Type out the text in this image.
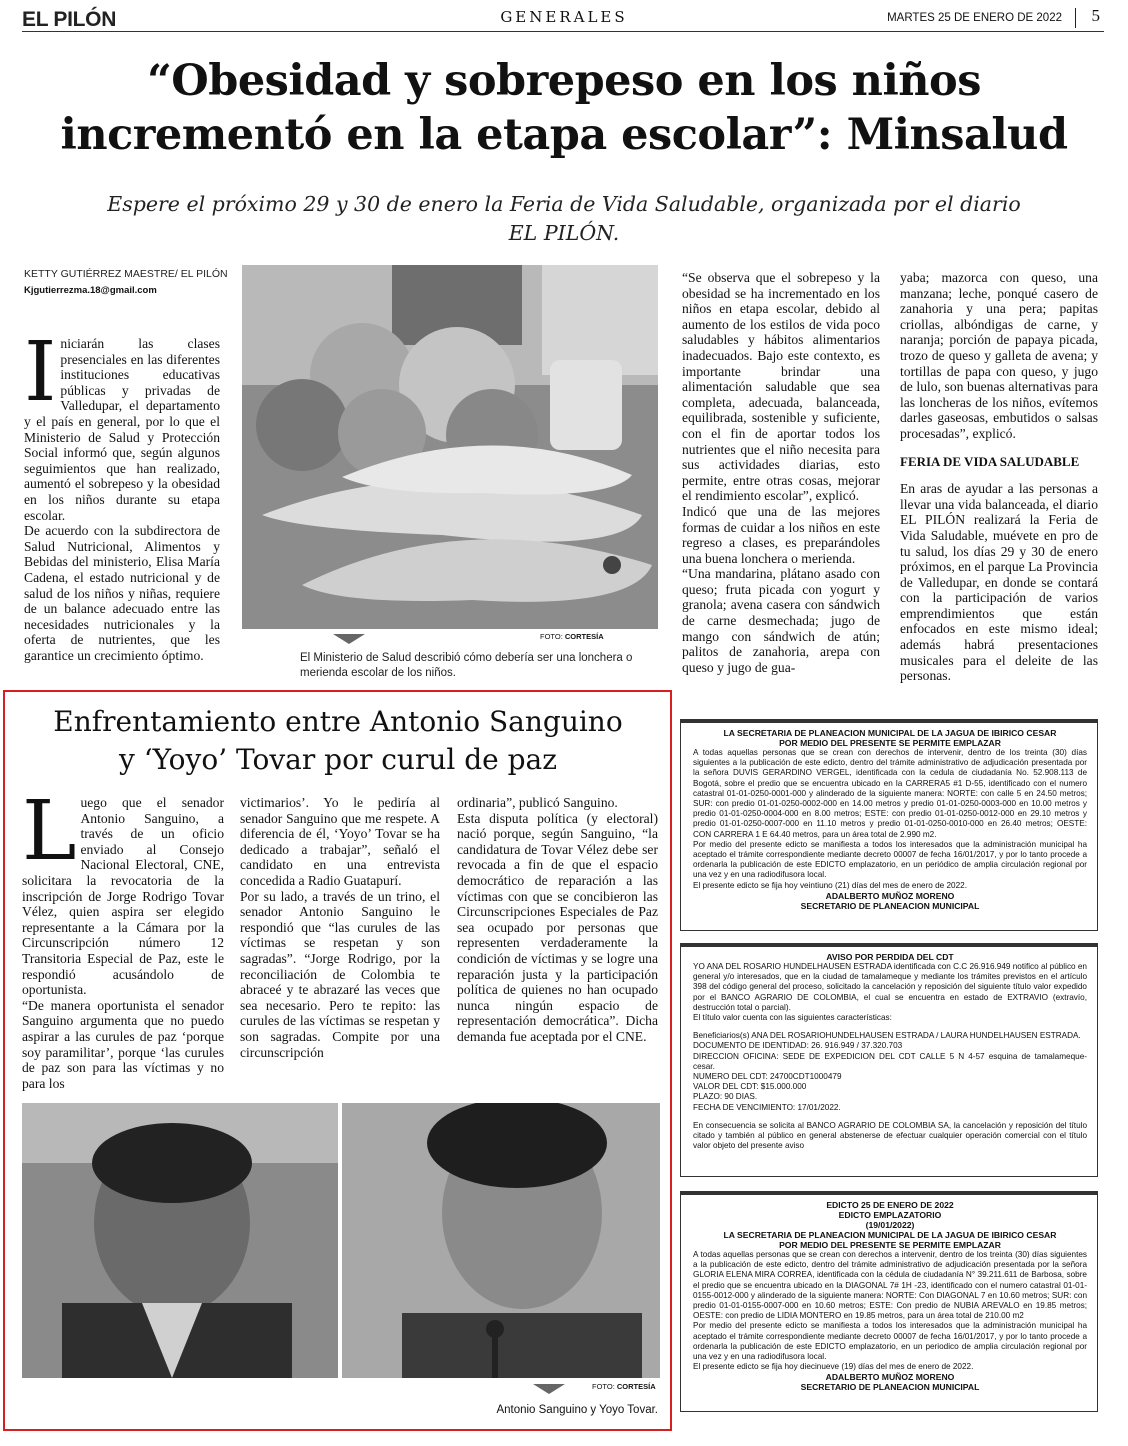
EL PILÓN	GENERALES	MARTES 25 DE ENERO DE 2022 5
“Obesidad y sobrepeso en los niños
incrementó en la etapa escolar”: Minsalud
Espere el próximo 29 y 30 de enero la Feria de Vida Saludable, organizada por el diario
EL PILÓN.
KETTY GUTIÉRREZ MAESTRE/ EL PILÓN
Kjgutierrezma.18@gmail.com

Iniciarán las clases presenciales en las diferentes instituciones educativas públicas y privadas de Valledupar, el departamento y el país en general, por lo que el Ministerio de Salud y Protección Social informó que, según algunos seguimientos que han realizado, aumentó el sobrepeso y la obesidad en los niños durante su etapa escolar.

De acuerdo con la subdirectora de Salud Nutricional, Alimentos y Bebidas del ministerio, Elisa María Cadena, el estado nutricional y de salud de los niños y niñas, requiere de un balance adecuado entre las necesidades nutricionales y la oferta de nutrientes, que les garantice un crecimiento óptimo.

FOTO: CORTESÍA
El Ministerio de Salud describió cómo debería ser una lonchera o merienda escolar de los niños.

“Se observa que el sobrepeso y la obesidad se ha incrementado en los niños en etapa escolar, debido al aumento de los estilos de vida poco saludables y hábitos alimentarios inadecuados. Bajo este contexto, es importante brindar una alimentación saludable que sea completa, adecuada, balanceada, equilibrada, sostenible y suficiente, con el fin de aportar todos los nutrientes que el niño necesita para sus actividades diarias, esto permite, entre otras cosas, mejorar el rendimiento escolar”, explicó.

Indicó que una de las mejores formas de cuidar a los niños en este regreso a clases, es preparándoles una buena lonchera o merienda.

“Una mandarina, plátano asado con queso; fruta picada con yogurt y granola; avena casera con sándwich de carne desmechada; jugo de mango con sándwich de atún; palitos de zanahoria, arepa con queso y jugo de gua-

yaba; mazorca con queso, una manzana; leche, ponqué casero de zanahoria y una pera; papitas criollas, albóndigas de carne, y naranja; porción de papaya picada, trozo de queso y galleta de avena; y tortillas de papa con queso, y jugo de lulo, son buenas alternativas para las loncheras de los niños, evítemos darles gaseosas, embutidos o salsas procesadas”, explicó.

FERIA DE VIDA SALUDABLE

En aras de ayudar a las personas a llevar una vida balanceada, el diario EL PILÓN realizará la Feria de Vida Saludable, muévete en pro de tu salud, los días 29 y 30 de enero próximos, en el parque La Provincia de Valledupar, en donde se contará con la participación de varios emprendimientos que están enfocados en este mismo ideal; además habrá presentaciones musicales para el deleite de las personas.

Enfrentamiento entre Antonio Sanguino
y ‘Yoyo’ Tovar por curul de paz

Luego que el senador Antonio Sanguino, a través de un oficio enviado al Consejo Nacional Electoral, CNE, solicitara la revocatoria de la inscripción de Jorge Rodrigo Tovar Vélez, quien aspira ser elegido representante a la Cámara por la Circunscripción número 12 Transitoria Especial de Paz, este le respondió acusándolo de oportunista.

“De manera oportunista el senador Sanguino argumenta que no puedo aspirar a las curules de paz ‘porque soy paramilitar’, porque ‘las curules de paz son para las víctimas y no para los

victimarios’. Yo le pediría al senador Sanguino que me respete. A diferencia de él, ‘Yoyo’ Tovar se ha dedicado a trabajar”, señaló el candidato en una entrevista concedida a Radio Guatapurí.

Por su lado, a través de un trino, el senador Antonio Sanguino le respondió que “las curules de las víctimas se respetan y son sagradas”. “Jorge Rodrigo, por la reconciliación de Colombia te abraceé y te abrazaré las veces que sea necesario. Pero te repito: las curules de las víctimas se respetan y son sagradas. Compite por una circunscripción

ordinaria”, publicó Sanguino.

Esta disputa política (y electoral) nació porque, según Sanguino, “la candidatura de Tovar Vélez debe ser revocada a fin de que el espacio democrático de reparación a las víctimas con que se concibieron las Circunscripciones Especiales de Paz sea ocupado por personas que representen verdaderamente la condición de víctimas y se logre una reparación justa y la participación política de quienes no han ocupado nunca ningún espacio de representación democrática”. Dicha demanda fue aceptada por el CNE.

FOTO: CORTESÍA
Antonio Sanguino y Yoyo Tovar.
LA SECRETARIA DE PLANEACION MUNICIPAL DE LA JAGUA DE IBIRICO CESAR
POR MEDIO DEL PRESENTE SE PERMITE EMPLAZAR

A todas aquellas personas que se crean con derechos de intervenir, dentro de los treinta (30) días siguientes a la publicación de este edicto, dentro del trámite administrativo de adjudicación presentada por la señora DUVIS GERARDINO VERGEL, identificada con la cedula de ciudadanía No. 52.908.113 de Bogotá, sobre el predio que se encuentra ubicado en la CARRERA5 #1 D-55, identificado con el numero catastral 01-01-0250-0001-000 y alinderado de la siguiente manera: NORTE: con calle 5 en 24.50 metros; SUR: con predio 01-01-0250-0002-000 en 14.00 metros y predio 01-01-0250-0003-000 en 10.00 metros y predio 01-01-0250-0004-000 en 8.00 metros; ESTE: con predio 01-01-0250-0012-000 en 29.10 metros y predio 01-01-0250-0007-000 en 11.10 metros y predio 01-01-0250-0010-000 en 26.40 metros; OESTE: CON CARRERA 1 E 64.40 metros, para un área total de 2.990 m2.

Por medio del presente edicto se manifiesta a todos los interesados que la administración municipal ha aceptado el trámite correspondiente mediante decreto 00007 de fecha 16/01/2017, y por lo tanto procede a ordenarla la publicación de este EDICTO emplazatorio, en un periódico de amplia circulación regional por una vez y en una radiodifusora local.

El presente edicto se fija hoy veintiuno (21) días del mes de enero de 2022.

ADALBERTO MUÑOZ MORENO
SECRETARIO DE PLANEACION MUNICIPAL
AVISO POR PERDIDA DEL CDT

YO ANA DEL ROSARIO HUNDELHAUSEN ESTRADA identificada con C.C 26.916.949 notifico al público en general y/o interesados, que en la ciudad de tamalameque y mediante los trámites previstos en el artículo 398 del código general del proceso, solicitado la cancelación y reposición del siguiente título valor expedido por el BANCO AGRARIO DE COLOMBIA, el cual se encuentra en estado de EXTRAVIO (extravío, destrucción total o parcial).

El título valor cuenta con las siguientes características:

Beneficiarios(s) ANA DEL ROSARIOHUNDELHAUSEN ESTRADA / LAURA HUNDELHAUSEN ESTRADA.

DOCUMENTO DE IDENTIDAD: 26. 916.949 / 37.320.703

DIRECCION OFICINA: SEDE DE EXPEDICION DEL CDT CALLE 5 N 4-57 esquina de tamalameque- cesar.

NUMERO DEL CDT: 24700CDT1000479

VALOR DEL CDT: $15.000.000

PLAZO: 90 DIAS.

FECHA DE VENCIMIENTO: 17/01/2022.

En consecuencia se solicita al BANCO AGRARIO DE COLOMBIA SA, la cancelación y reposición del título citado y también al público en general abstenerse de efectuar cualquier operación comercial con el título valor objeto del presente aviso

EDICTO 25 DE ENERO DE 2022
EDICTO EMPLAZATORIO
(19/01/2022)
LA SECRETARIA DE PLANEACION MUNICIPAL DE LA JAGUA DE IBIRICO CESAR
POR MEDIO DEL PRESENTE SE PERMITE EMPLAZAR

A todas aquellas personas que se crean con derechos a intervenir, dentro de los treinta (30) días siguientes a la publicación de este edicto, dentro del trámite administrativo de adjudicación presentada por la señora GLORIA ELENA MIRA CORREA, identificada con la cédula de ciudadanía N° 39.211.611 de Barbosa, sobre el predio que se encuentra ubicado en la DIAGONAL 7# 1H -23, identificado con el numero catastral 01-01-0155-0012-000 y alinderado de la siguiente manera: NORTE: Con DIAGONAL 7 en 10.60 metros; SUR: con predio 01-01-0155-0007-000 en 10.60 metros; ESTE: Con predio de NUBIA AREVALO en 19.85 metros; OESTE: con predio de LIDIA MONTERO en 19.85 metros, para un área total de 210.00 m2

Por medio del presente edicto se manifiesta a todos los interesados que la administración municipal ha aceptado el trámite correspondiente mediante decreto 00007 de fecha 16/01/2017, y por lo tanto procede a ordenarla la publicación de este EDICTO emplazatorio, en un periodico de amplia circulación regional por una vez y en una radiodifusora local.

El presente edicto se fija hoy diecinueve (19) días del mes de enero de 2022.

ADALBERTO MUÑOZ MORENO
SECRETARIO DE PLANEACION MUNICIPAL
